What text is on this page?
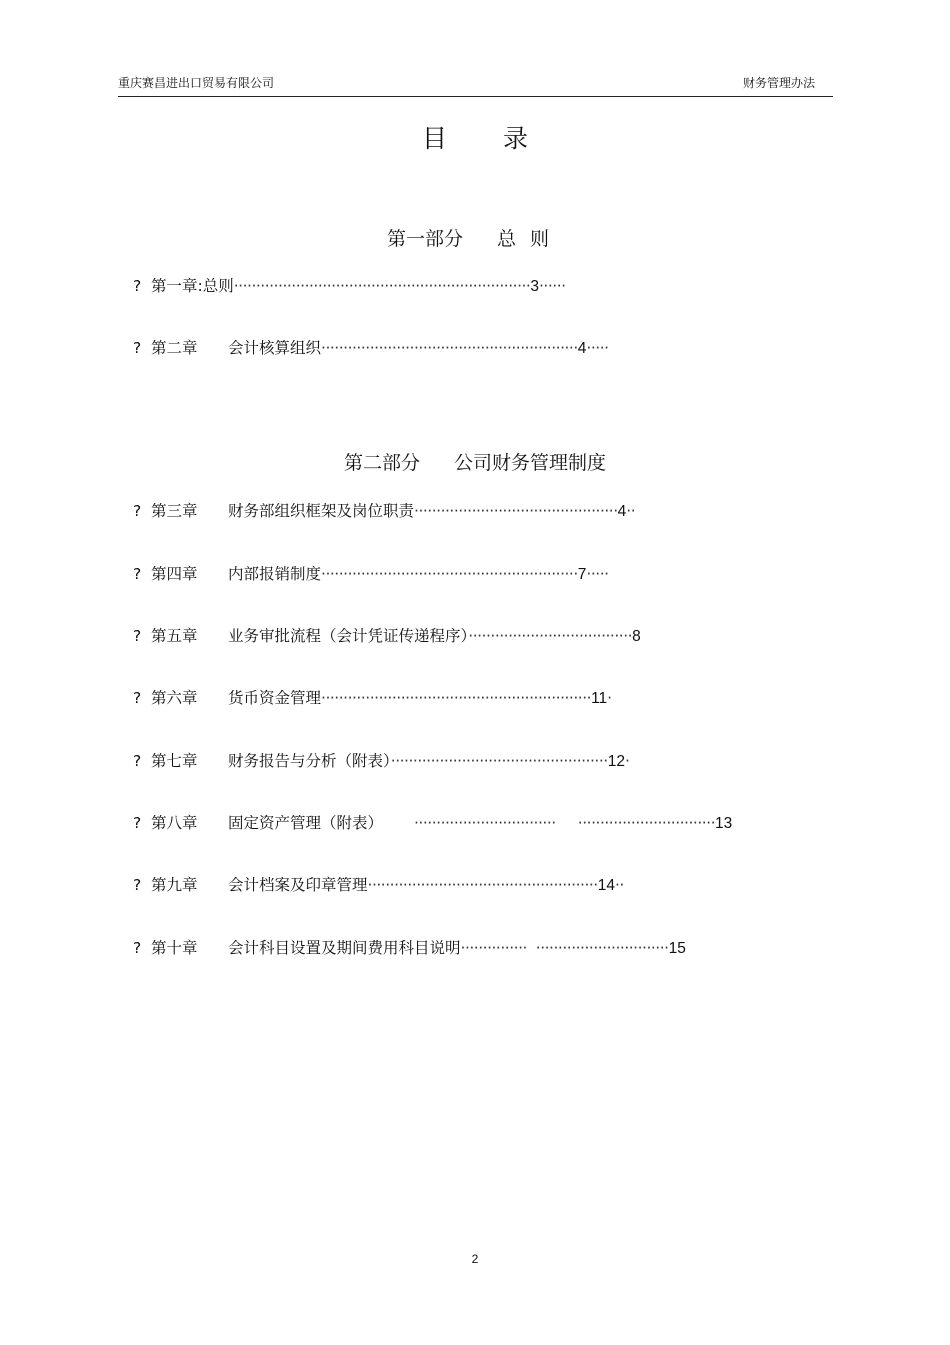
重庆赛昌进出口贸易有限公司	财务管理办法
目录
第一部分 总则
? 第一章:总则···································································3······
? 第二章 会计核算组织··························································4·····
第二部分 公司财务管理制度
? 第三章 财务部组织框架及岗位职责··············································4··
? 第四章 内部报销制度··························································7·····
? 第五章 业务审批流程（会计凭证传递程序）·····································8
? 第六章 货币资金管理·····························································11·
? 第七章 财务报告与分析（附表）·················································12·
? 第八章 固定资产管理（附表）       ································     ·······························13
? 第九章 会计档案及印章管理····················································14··
? 第十章 会计科目设置及期间费用科目说明···············  ······························15
2
